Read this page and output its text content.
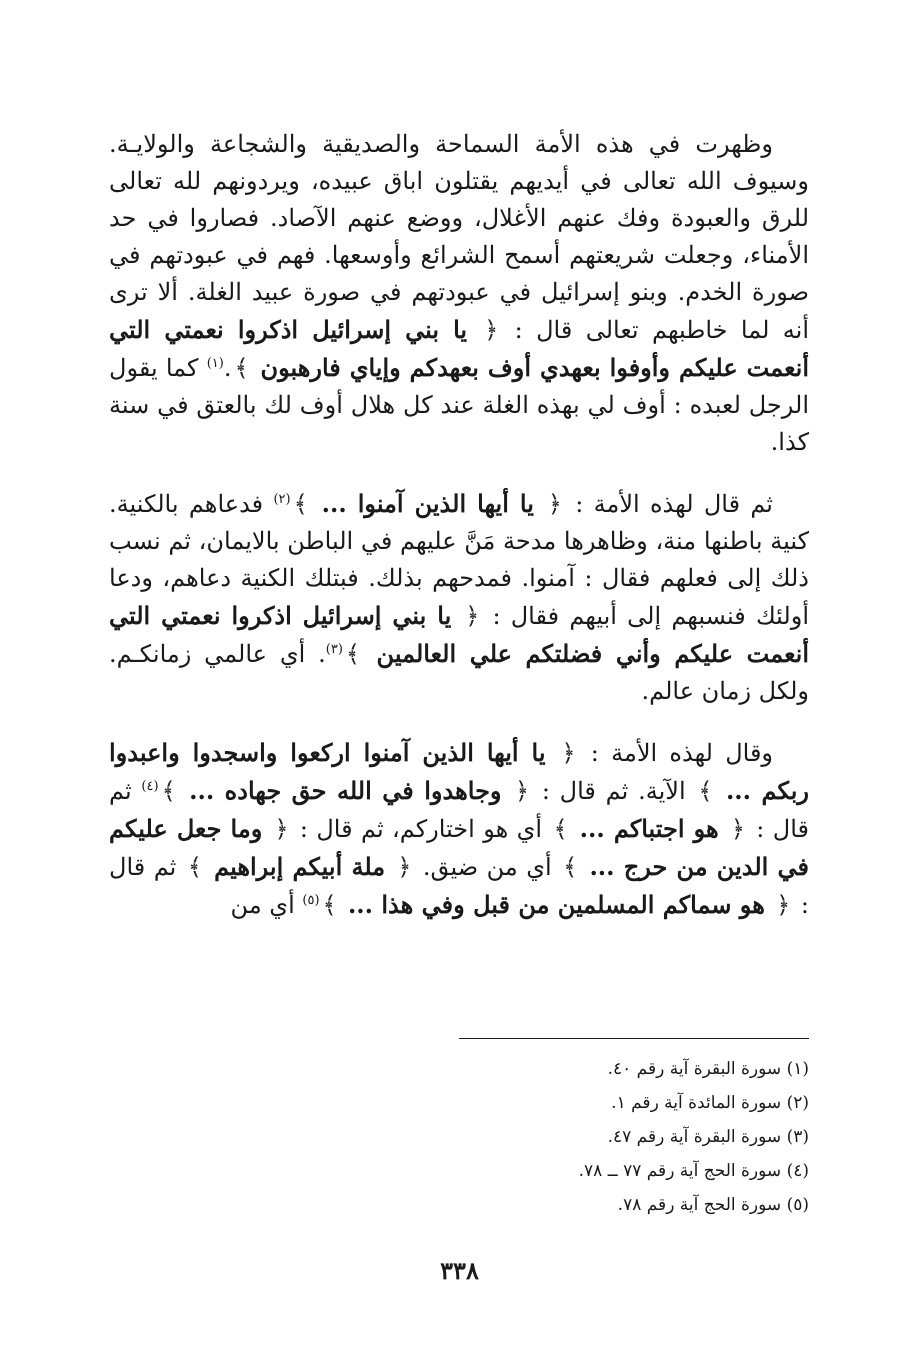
وظهرت في هذه الأمة السماحة والصديقية والشجاعة والولايـة. وسيوف الله تعالى في أيديهم يقتلون اباق عبيده، ويردونهم لله تعالى للرق والعبودة وفك عنهم الأغلال، ووضع عنهم الآصاد. فصاروا في حد الأمناء، وجعلت شريعتهم أسمح الشرائع وأوسعها. فهم في عبودتهم في صورة الخدم. وبنو إسرائيل في عبودتهم في صورة عبيد الغلة. ألا ترى أنه لما خاطبهم تعالى قال : ﴿ يا بني إسرائيل اذكروا نعمتي التي أنعمت عليكم وأوفوا بعهدي أوف بعهدكم وإياي فارهبون ﴾.$^{(١)}$ كما يقول الرجل لعبده : أوف لي بهذه الغلة عند كل هلال أوف لك بالعتق في سنة كذا.

ثم قال لهذه الأمة : ﴿ يا أيها الذين آمنوا ... ﴾$^{(٢)}$ فدعاهم بالكنية. كنية باطنها منة، وظاهرها مدحة مَنَّ عليهم في الباطن بالايمان، ثم نسب ذلك إلى فعلهم فقال : آمنوا. فمدحهم بذلك. فبتلك الكنية دعاهم، ودعا أولئك فنسبهم إلى أبيهم فقال : ﴿ يا بني إسرائيل اذكروا نعمتي التي أنعمت عليكم وأني فضلتكم علي العالمين ﴾$^{(٣)}$. أي عالمي زمانكـم. ولكل زمان عالم.

وقال لهذه الأمة : ﴿ يا أيها الذين آمنوا اركعوا واسجدوا واعبدوا ربكم ... ﴾ الآية. ثم قال : ﴿ وجاهدوا في الله حق جهاده ... ﴾$^{(٤)}$ ثم قال : ﴿ هو اجتباكم ... ﴾ أي هو اختاركم، ثم قال : ﴿ وما جعل عليكم في الدين من حرج ... ﴾ أي من ضيق. ﴿ ملة أبيكم إبراهيم ﴾ ثم قال : ﴿ هو سماكم المسلمين من قبل وفي هذا ... ﴾$^{(٥)}$ أي من

(١) سورة البقرة آية رقم ٤٠.
(٢) سورة المائدة آية رقم ١.
(٣) سورة البقرة آية رقم ٤٧.
(٤) سورة الحج آية رقم ٧٧ ــ ٧٨.
(٥) سورة الحج آية رقم ٧٨.
٣٣٨
